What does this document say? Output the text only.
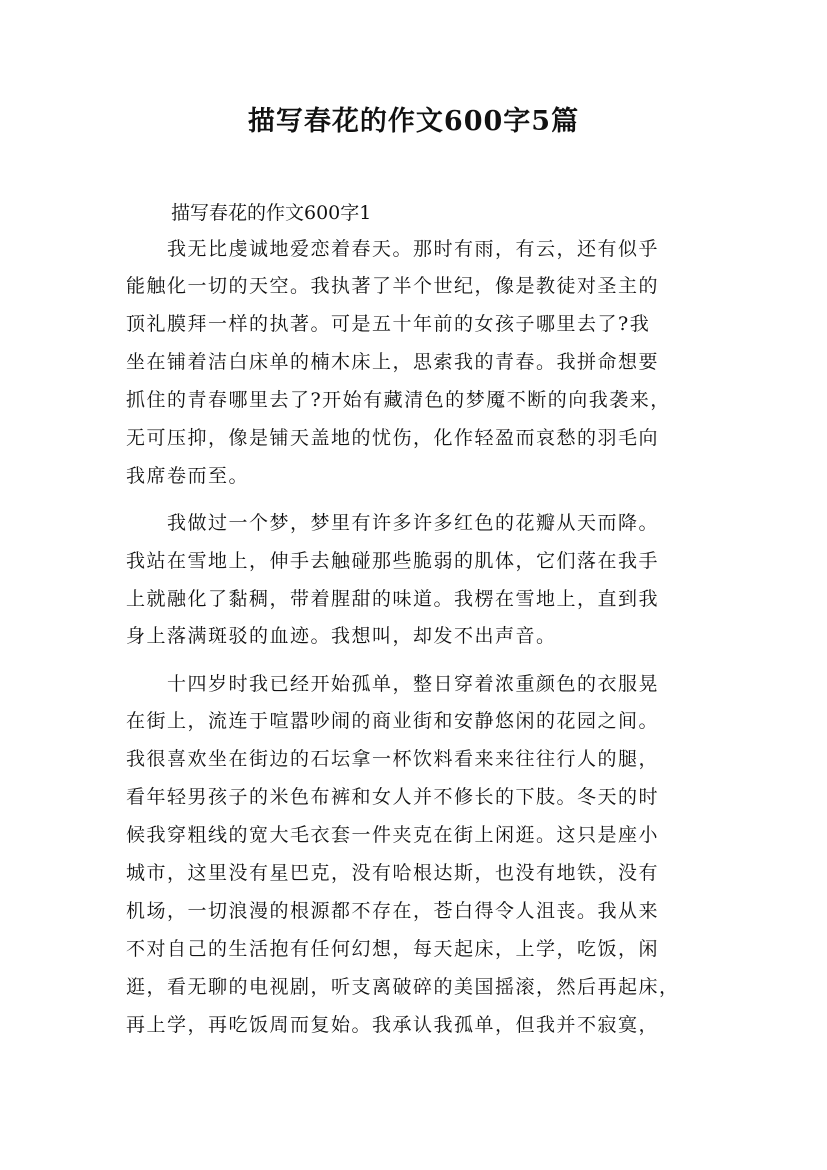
描写春花的作文600字5篇
描写春花的作文600字1
　　我无比虔诚地爱恋着春天。那时有雨，有云，还有似乎
能触化一切的天空。我执著了半个世纪，像是教徒对圣主的
顶礼膜拜一样的执著。可是五十年前的女孩子哪里去了?我
坐在铺着洁白床单的楠木床上，思索我的青春。我拼命想要
抓住的青春哪里去了?开始有藏清色的梦魇不断的向我袭来，
无可压抑，像是铺天盖地的忧伤，化作轻盈而哀愁的羽毛向
我席卷而至。
　　我做过一个梦，梦里有许多许多红色的花瓣从天而降。
我站在雪地上，伸手去触碰那些脆弱的肌体，它们落在我手
上就融化了黏稠，带着腥甜的味道。我楞在雪地上，直到我
身上落满斑驳的血迹。我想叫，却发不出声音。
　　十四岁时我已经开始孤单，整日穿着浓重颜色的衣服晃
在街上，流连于喧嚣吵闹的商业街和安静悠闲的花园之间。
我很喜欢坐在街边的石坛拿一杯饮料看来来往往行人的腿，
看年轻男孩子的米色布裤和女人并不修长的下肢。冬天的时
候我穿粗线的宽大毛衣套一件夹克在街上闲逛。这只是座小
城市，这里没有星巴克，没有哈根达斯，也没有地铁，没有
机场，一切浪漫的根源都不存在，苍白得令人沮丧。我从来
不对自己的生活抱有任何幻想，每天起床，上学，吃饭，闲
逛，看无聊的电视剧，听支离破碎的美国摇滚，然后再起床，
再上学，再吃饭周而复始。我承认我孤单，但我并不寂寞，
